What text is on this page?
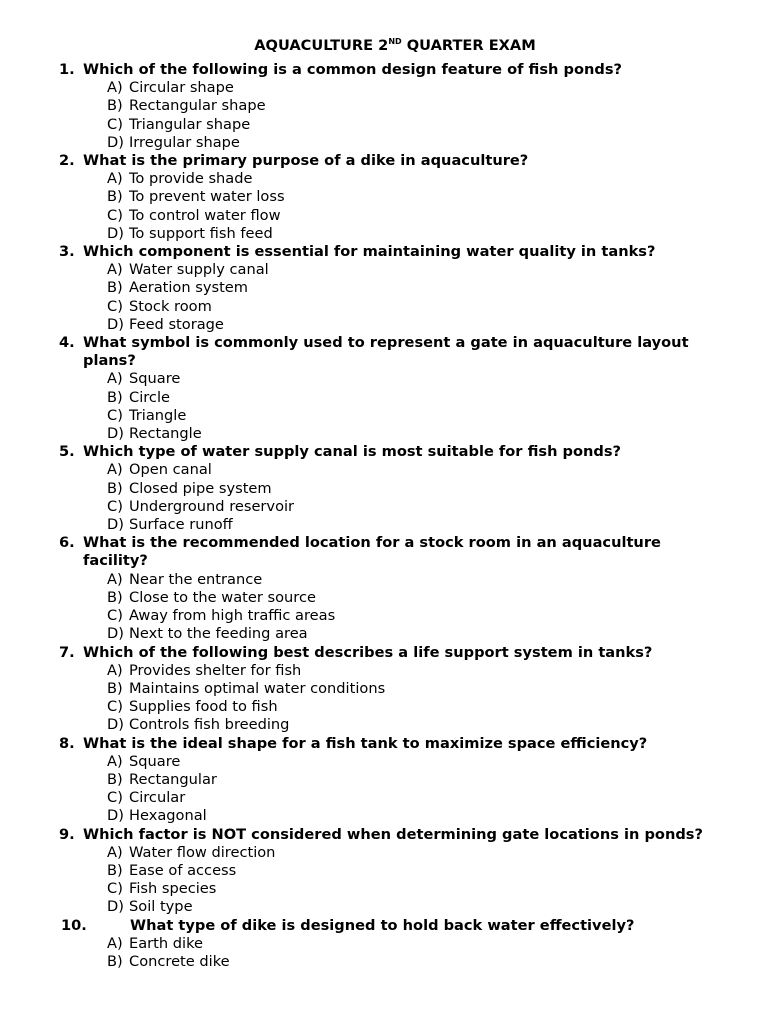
AQUACULTURE 2ND QUARTER EXAM
1. Which of the following is a common design feature of fish ponds?
A) Circular shape
B) Rectangular shape
C) Triangular shape
D) Irregular shape
2. What is the primary purpose of a dike in aquaculture?
A) To provide shade
B) To prevent water loss
C) To control water flow
D) To support fish feed
3. Which component is essential for maintaining water quality in tanks?
A) Water supply canal
B) Aeration system
C) Stock room
D) Feed storage
4. What symbol is commonly used to represent a gate in aquaculture layout plans?
A) Square
B) Circle
C) Triangle
D) Rectangle
5. Which type of water supply canal is most suitable for fish ponds?
A) Open canal
B) Closed pipe system
C) Underground reservoir
D) Surface runoff
6. What is the recommended location for a stock room in an aquaculture facility?
A) Near the entrance
B) Close to the water source
C) Away from high traffic areas
D) Next to the feeding area
7. Which of the following best describes a life support system in tanks?
A) Provides shelter for fish
B) Maintains optimal water conditions
C) Supplies food to fish
D) Controls fish breeding
8. What is the ideal shape for a fish tank to maximize space efficiency?
A) Square
B) Rectangular
C) Circular
D) Hexagonal
9. Which factor is NOT considered when determining gate locations in ponds?
A) Water flow direction
B) Ease of access
C) Fish species
D) Soil type
10.	What type of dike is designed to hold back water effectively?
A) Earth dike
B) Concrete dike
